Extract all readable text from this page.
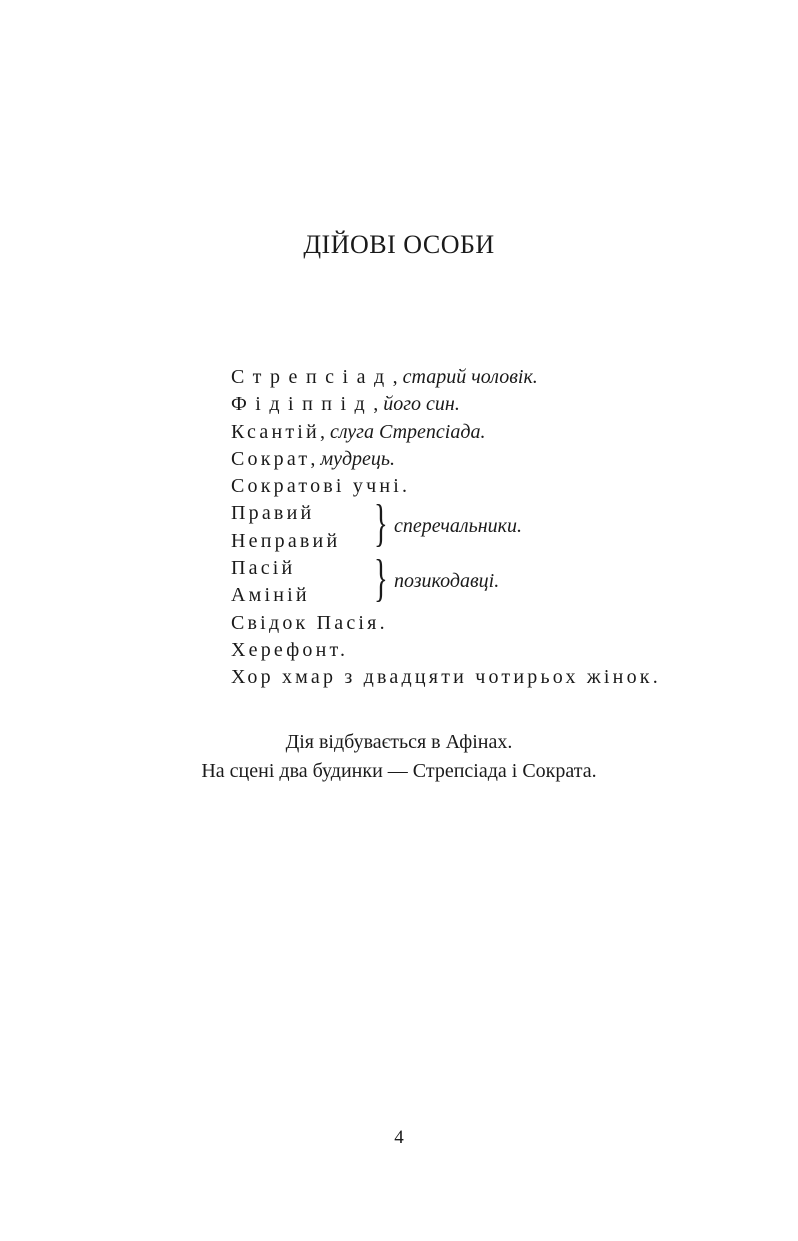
ДІЙОВІ ОСОБИ
Стрепсіад, старий чоловік.
Фідіппід, його син.
Ксантій, слуга Стрепсіада.
Сократ, мудрець.
Сократові учні.
Правий
Неправий } сперечальники.
Пасій
Аміній	} позикодавці.
Свідок Пасія.
Херефонт.
Хор хмар з двадцяти чотирьох жінок.
Дія відбувається в Афінах.
На сцені два будинки — Стрепсіада і Сократа.
4
